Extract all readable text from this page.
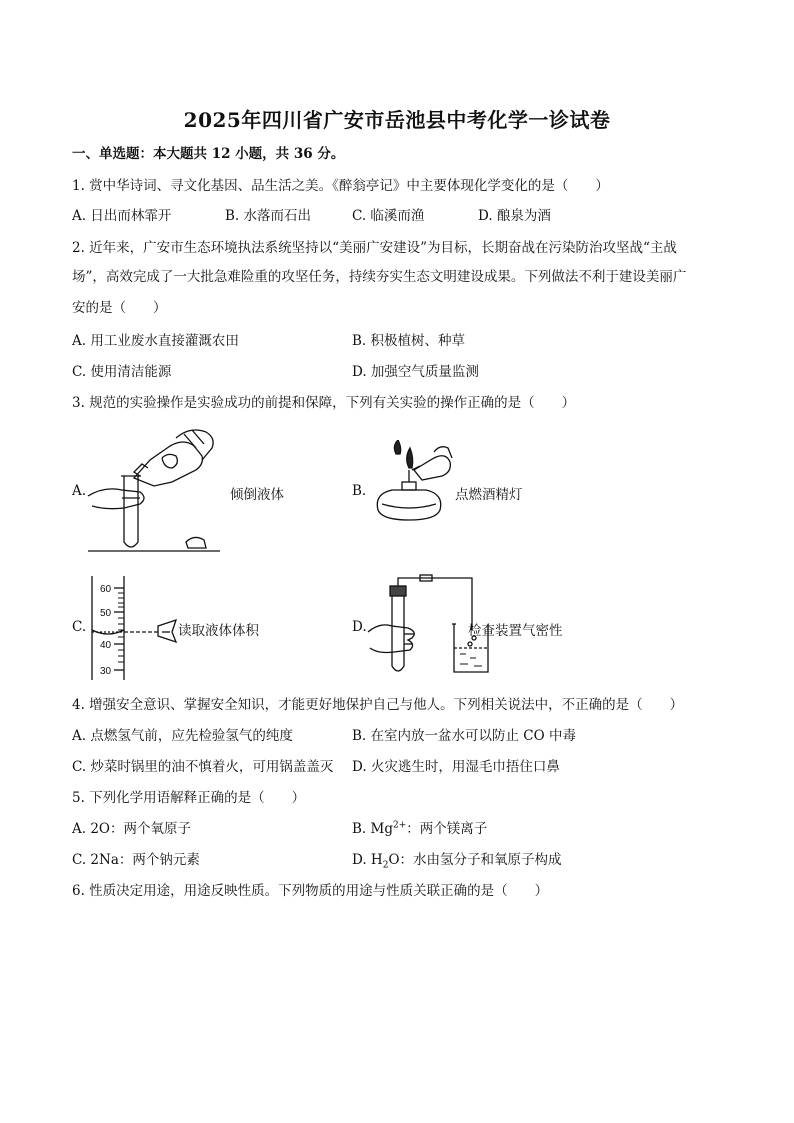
2025年四川省广安市岳池县中考化学一诊试卷
一、单选题：本大题共 12 小题，共 36 分。
1. 赏中华诗词、寻文化基因、品生活之美。《醉翁亭记》中主要体现化学变化的是（　　）
A. 日出而林霏开	B. 水落而石出	C. 临溪而渔	D. 酿泉为酒
2. 近年来，广安市生态环境执法系统坚持以“美丽广安建设”为目标，长期奋战在污染防治攻坚战“主战
场”，高效完成了一大批急难险重的攻坚任务，持续夯实生态文明建设成果。下列做法不利于建设美丽广
安的是（　　）
A. 用工业废水直接灌溉农田	B. 积极植树、种草
C. 使用清洁能源	D. 加强空气质量监测
3. 规范的实验操作是实验成功的前提和保障，下列有关实验的操作正确的是（　　）
A.	倾倒液体	B.	点燃酒精灯
C.
60
50
40
30
读取液体体积	D.	检查装置气密性
4. 增强安全意识、掌握安全知识，才能更好地保护自己与他人。下列相关说法中，不正确的是（　　）
A. 点燃氢气前，应先检验氢气的纯度	B. 在室内放一盆水可以防止 CO 中毒
C. 炒菜时锅里的油不慎着火，可用锅盖盖灭 D. 火灾逃生时，用湿毛巾捂住口鼻
5. 下列化学用语解释正确的是（　　）
A. 2O：两个氧原子	B. $Mg^{2+}$：两个镁离子
C. 2Na：两个钠元素	D. $H_2O$：水由氢分子和氧原子构成
6. 性质决定用途，用途反映性质。下列物质的用途与性质关联正确的是（　　）
